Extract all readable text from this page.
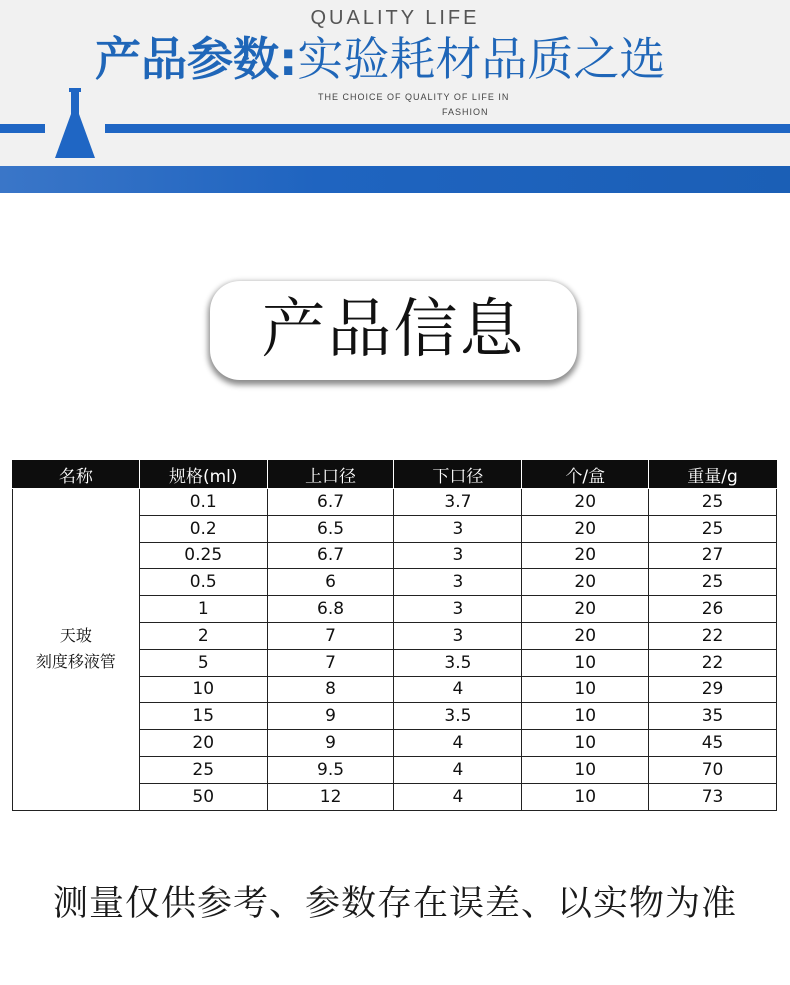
QUALITY LIFE
产品参数:实验耗材品质之选
THE CHOICE OF QUALITY OF LIFE IN
FASHION
产品信息
名称	规格(ml)	上口径	下口径	个/盒	重量/g

天玻
刻度移液管	0.1	6.7	3.7	20	25
	0.2	6.5	3	20	25
	0.25	6.7	3	20	27
	0.5	6	3	20	25
	1	6.8	3	20	26
	2	7	3	20	22
	5	7	3.5	10	22
	10	8	4	10	29
	15	9	3.5	10	35
	20	9	4	10	45
	25	9.5	4	10	70
	50	12	4	10	73
测量仅供参考、参数存在误差、以实物为准
